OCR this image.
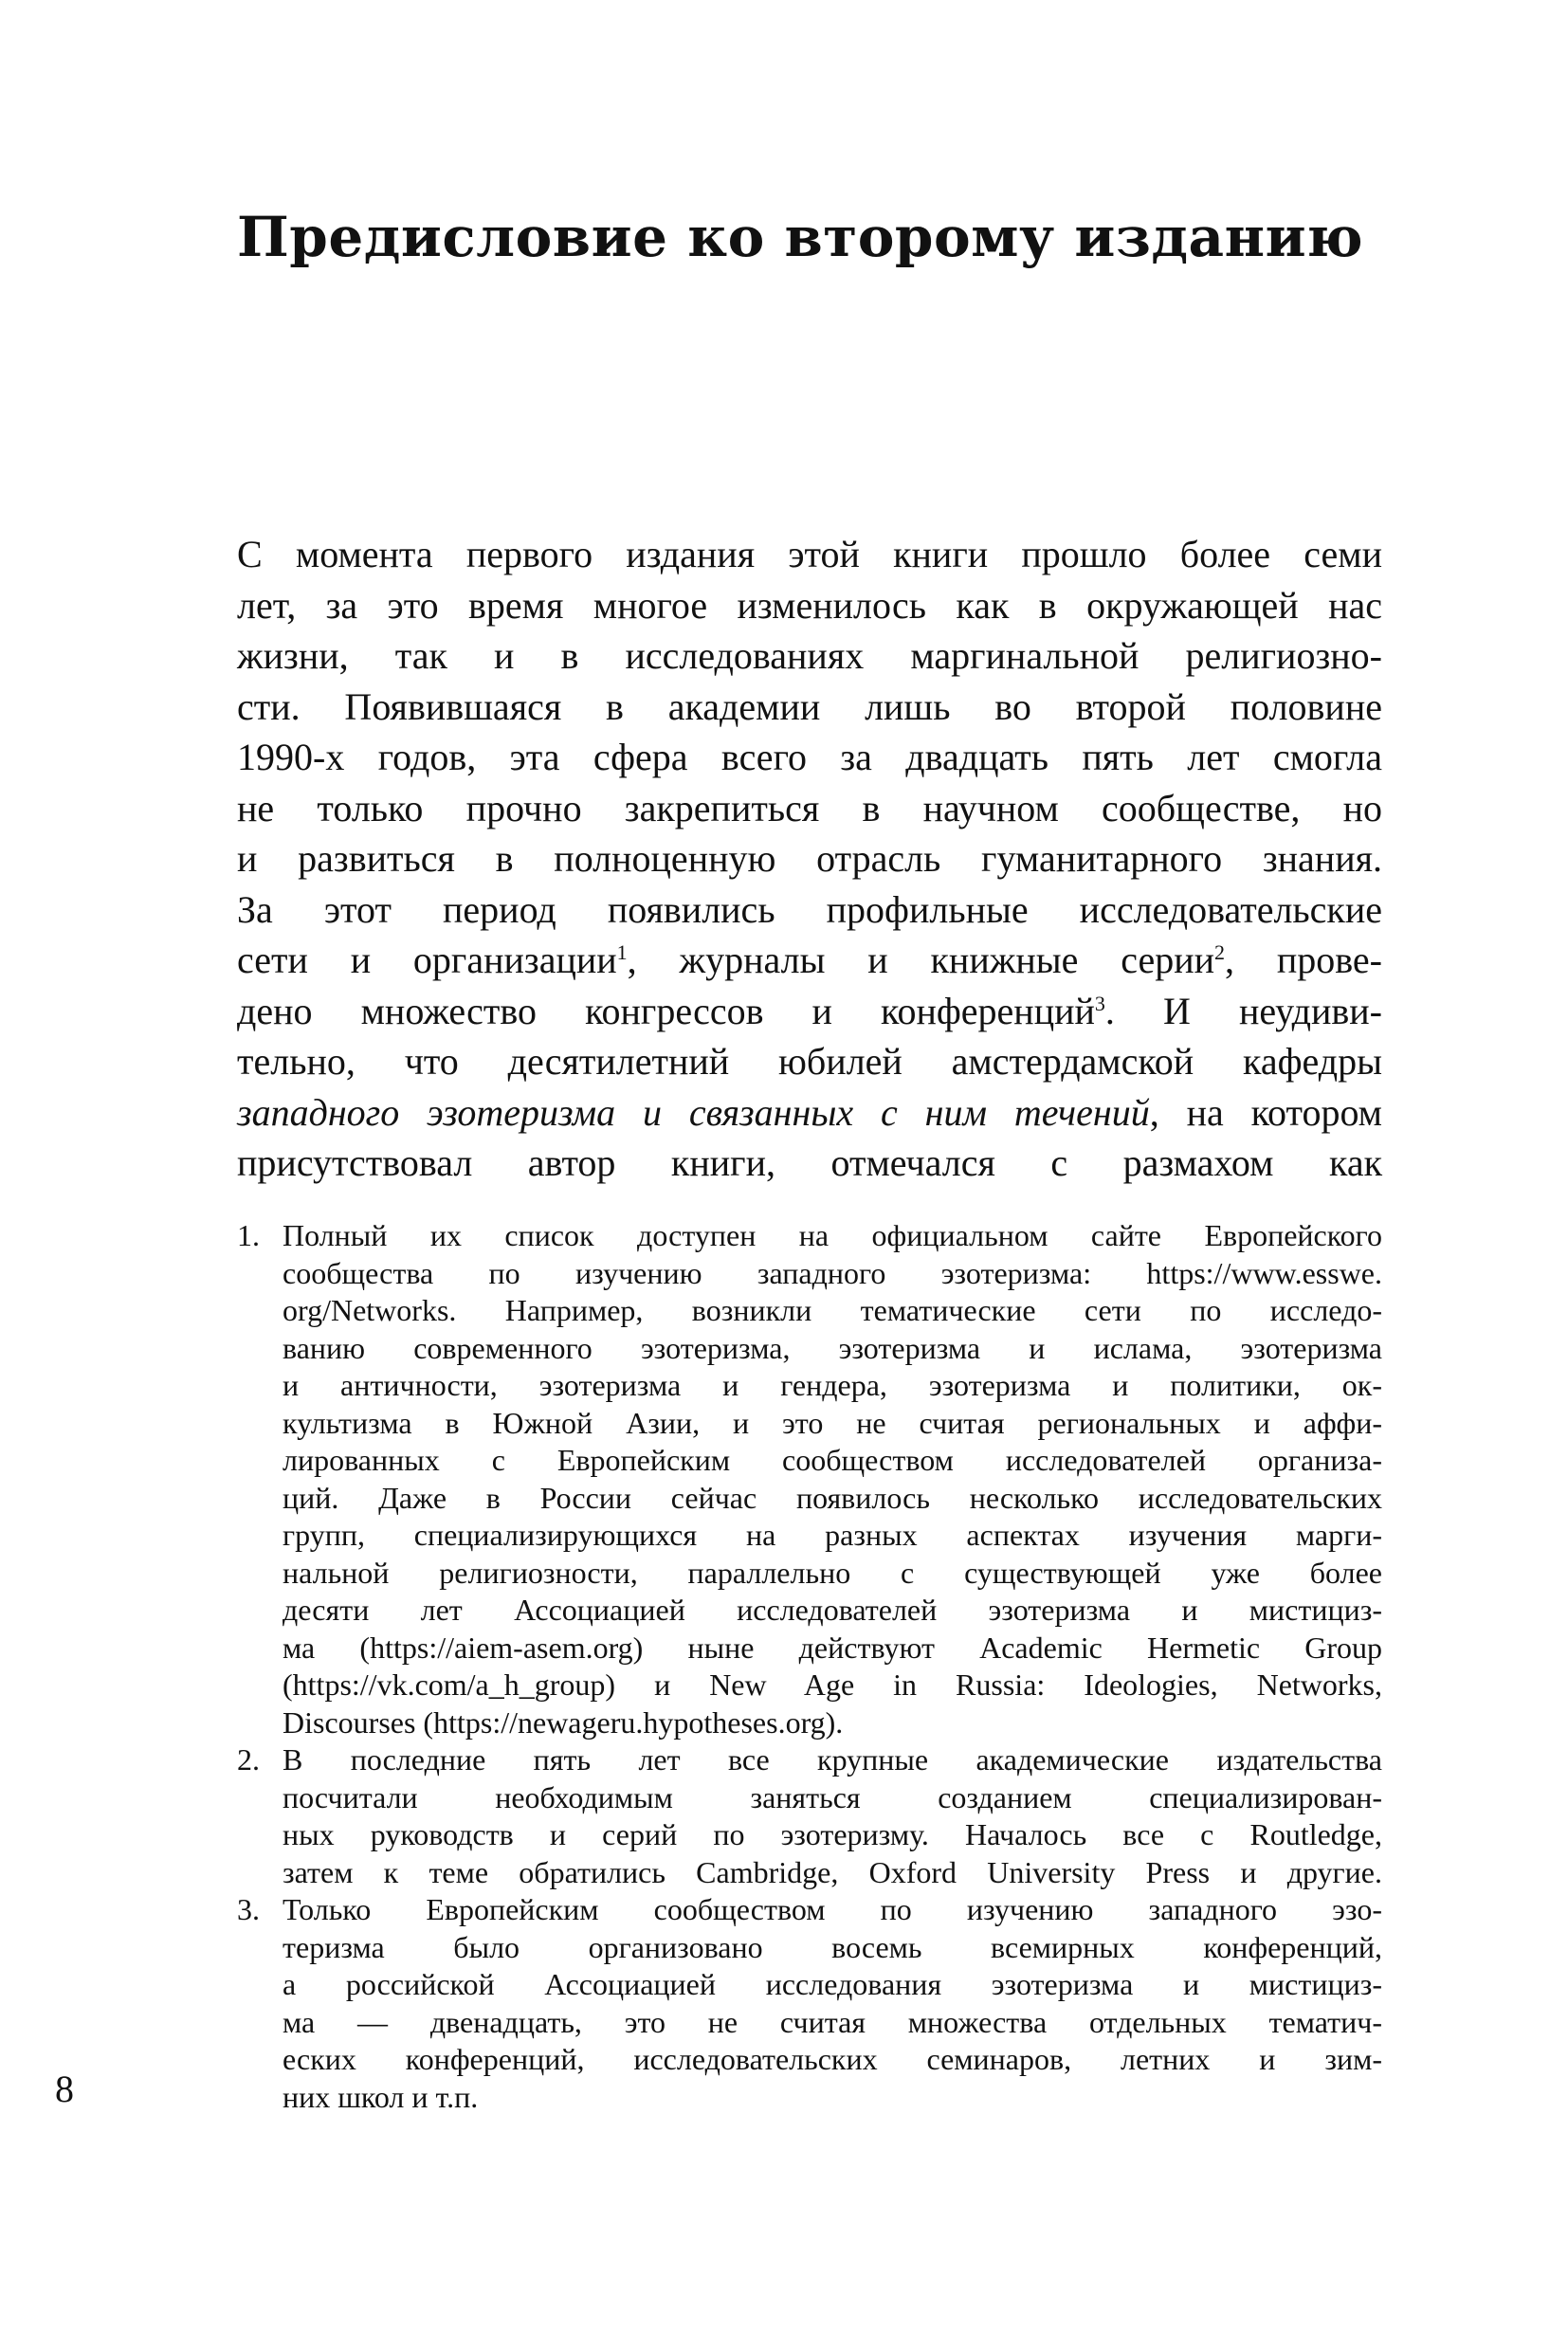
Предисловие ко второму изданию
С момента первого издания этой книги прошло более семи
лет, за это время многое изменилось как в окружающей нас
жизни, так и в исследованиях маргинальной религиозно-
сти. Появившаяся в академии лишь во второй половине
1990-х годов, эта сфера всего за двадцать пять лет смогла
не только прочно закрепиться в научном сообществе, но
и развиться в полноценную отрасль гуманитарного знания.
За этот период появились профильные исследовательские
сети и организации$^1$, журналы и книжные серии$^2$, прове-
дено множество конгрессов и конференций$^3$. И неудиви-
тельно, что десятилетний юбилей амстердамской кафедры
западного эзотеризма и связанных с ним течений, на котором
присутствовал автор книги, отмечался с размахом как
1. Полный их список доступен на официальном сайте Европейского
сообщества по изучению западного эзотеризма: https://www.esswe.
org/Networks. Например, возникли тематические сети по исследо-
ванию современного эзотеризма, эзотеризма и ислама, эзотеризма
и античности, эзотеризма и гендера, эзотеризма и политики, ок-
культизма в Южной Азии, и это не считая региональных и аффи-
лированных с Европейским сообществом исследователей организа-
ций. Даже в России сейчас появилось несколько исследовательских
групп, специализирующихся на разных аспектах изучения марги-
нальной религиозности, параллельно с существующей уже более
десяти лет Ассоциацией исследователей эзотеризма и мистициз-
ма (https://aiem-asem.org) ныне действуют Academic Hermetic Group
(https://vk.com/a_h_group) и New Age in Russia: Ideologies, Networks,
Discourses (https://newageru.hypotheses.org).
2. В последние пять лет все крупные академические издательства
посчитали необходимым заняться созданием специализирован-
ных руководств и серий по эзотеризму. Началось все с Routledge,
затем к теме обратились Cambridge, Oxford University Press и другие.
3. Только Европейским сообществом по изучению западного эзо-
теризма было организовано восемь всемирных конференций,
а российской Ассоциацией исследования эзотеризма и мистициз-
ма — двенадцать, это не считая множества отдельных тематич-
еских конференций, исследовательских семинаров, летних и зим-
них школ и т.п.
8
